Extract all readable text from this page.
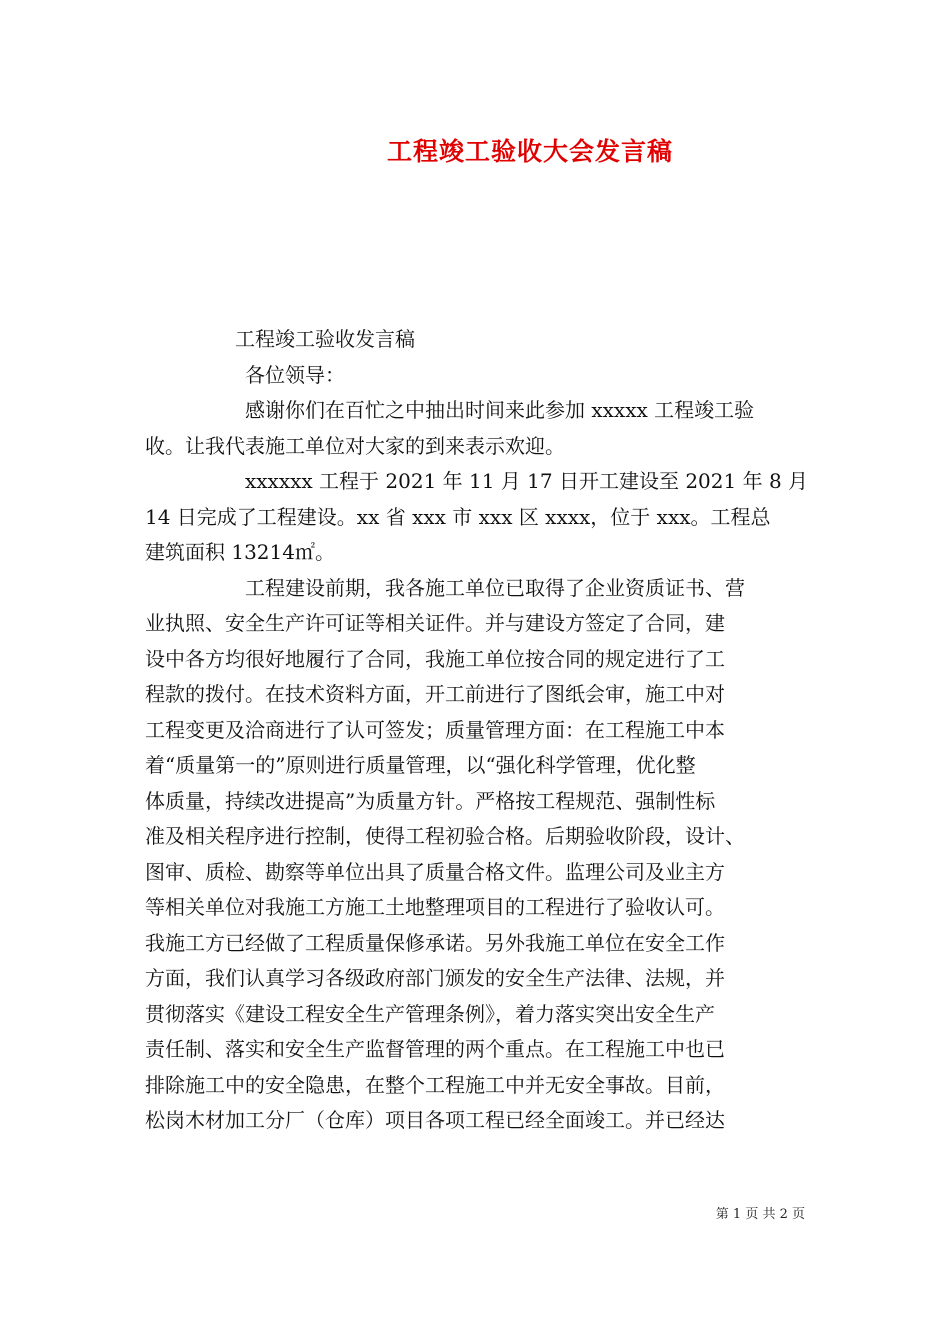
工程竣工验收大会发言稿
工程竣工验收发言稿
各位领导：
感谢你们在百忙之中抽出时间来此参加 xxxxx 工程竣工验
收。让我代表施工单位对大家的到来表示欢迎。
xxxxxx 工程于 2021 年 11 月 17 日开工建设至 2021 年 8 月
14 日完成了工程建设。xx 省 xxx 市 xxx 区 xxxx，位于 xxx。工程总
建筑面积 13214㎡。
工程建设前期，我各施工单位已取得了企业资质证书、营
业执照、安全生产许可证等相关证件。并与建设方签定了合同，建
设中各方均很好地履行了合同，我施工单位按合同的规定进行了工
程款的拨付。在技术资料方面，开工前进行了图纸会审，施工中对
工程变更及洽商进行了认可签发；质量管理方面：在工程施工中本
着“质量第一的”原则进行质量管理，以“强化科学管理，优化整
体质量，持续改进提高”为质量方针。严格按工程规范、强制性标
准及相关程序进行控制，使得工程初验合格。后期验收阶段，设计、
图审、质检、勘察等单位出具了质量合格文件。监理公司及业主方
等相关单位对我施工方施工土地整理项目的工程进行了验收认可。
我施工方已经做了工程质量保修承诺。另外我施工单位在安全工作
方面，我们认真学习各级政府部门颁发的安全生产法律、法规，并
贯彻落实《建设工程安全生产管理条例》，着力落实突出安全生产
责任制、落实和安全生产监督管理的两个重点。在工程施工中也已
排除施工中的安全隐患，在整个工程施工中并无安全事故。目前，
松岗木材加工分厂（仓库）项目各项工程已经全面竣工。并已经达
第 1 页 共 2 页
